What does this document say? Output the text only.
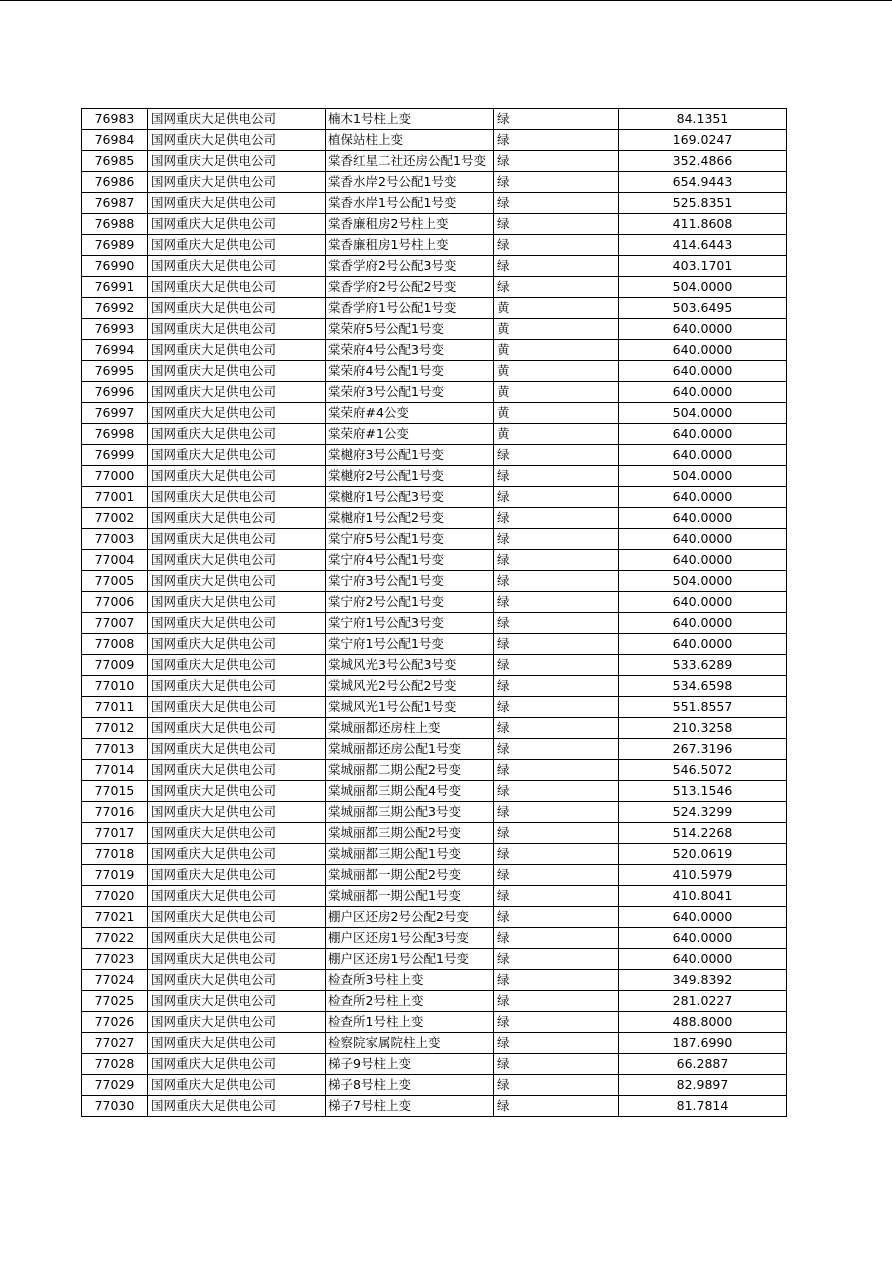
76983	国网重庆大足供电公司	楠木1号柱上变	绿	84.1351
76984	国网重庆大足供电公司	植保站柱上变	绿	169.0247
76985	国网重庆大足供电公司	棠香红星二社还房公配1号变	绿	352.4866
76986	国网重庆大足供电公司	棠香水岸2号公配1号变	绿	654.9443
76987	国网重庆大足供电公司	棠香水岸1号公配1号变	绿	525.8351
76988	国网重庆大足供电公司	棠香廉租房2号柱上变	绿	411.8608
76989	国网重庆大足供电公司	棠香廉租房1号柱上变	绿	414.6443
76990	国网重庆大足供电公司	棠香学府2号公配3号变	绿	403.1701
76991	国网重庆大足供电公司	棠香学府2号公配2号变	绿	504.0000
76992	国网重庆大足供电公司	棠香学府1号公配1号变	黄	503.6495
76993	国网重庆大足供电公司	棠荣府5号公配1号变	黄	640.0000
76994	国网重庆大足供电公司	棠荣府4号公配3号变	黄	640.0000
76995	国网重庆大足供电公司	棠荣府4号公配1号变	黄	640.0000
76996	国网重庆大足供电公司	棠荣府3号公配1号变	黄	640.0000
76997	国网重庆大足供电公司	棠荣府#4公变	黄	504.0000
76998	国网重庆大足供电公司	棠荣府#1公变	黄	640.0000
76999	国网重庆大足供电公司	棠樾府3号公配1号变	绿	640.0000
77000	国网重庆大足供电公司	棠樾府2号公配1号变	绿	504.0000
77001	国网重庆大足供电公司	棠樾府1号公配3号变	绿	640.0000
77002	国网重庆大足供电公司	棠樾府1号公配2号变	绿	640.0000
77003	国网重庆大足供电公司	棠宁府5号公配1号变	绿	640.0000
77004	国网重庆大足供电公司	棠宁府4号公配1号变	绿	640.0000
77005	国网重庆大足供电公司	棠宁府3号公配1号变	绿	504.0000
77006	国网重庆大足供电公司	棠宁府2号公配1号变	绿	640.0000
77007	国网重庆大足供电公司	棠宁府1号公配3号变	绿	640.0000
77008	国网重庆大足供电公司	棠宁府1号公配1号变	绿	640.0000
77009	国网重庆大足供电公司	棠城风光3号公配3号变	绿	533.6289
77010	国网重庆大足供电公司	棠城风光2号公配2号变	绿	534.6598
77011	国网重庆大足供电公司	棠城风光1号公配1号变	绿	551.8557
77012	国网重庆大足供电公司	棠城丽都还房柱上变	绿	210.3258
77013	国网重庆大足供电公司	棠城丽都还房公配1号变	绿	267.3196
77014	国网重庆大足供电公司	棠城丽都二期公配2号变	绿	546.5072
77015	国网重庆大足供电公司	棠城丽都三期公配4号变	绿	513.1546
77016	国网重庆大足供电公司	棠城丽都三期公配3号变	绿	524.3299
77017	国网重庆大足供电公司	棠城丽都三期公配2号变	绿	514.2268
77018	国网重庆大足供电公司	棠城丽都三期公配1号变	绿	520.0619
77019	国网重庆大足供电公司	棠城丽都一期公配2号变	绿	410.5979
77020	国网重庆大足供电公司	棠城丽都一期公配1号变	绿	410.8041
77021	国网重庆大足供电公司	棚户区还房2号公配2号变	绿	640.0000
77022	国网重庆大足供电公司	棚户区还房1号公配3号变	绿	640.0000
77023	国网重庆大足供电公司	棚户区还房1号公配1号变	绿	640.0000
77024	国网重庆大足供电公司	检查所3号柱上变	绿	349.8392
77025	国网重庆大足供电公司	检查所2号柱上变	绿	281.0227
77026	国网重庆大足供电公司	检查所1号柱上变	绿	488.8000
77027	国网重庆大足供电公司	检察院家属院柱上变	绿	187.6990
77028	国网重庆大足供电公司	梯子9号柱上变	绿	66.2887
77029	国网重庆大足供电公司	梯子8号柱上变	绿	82.9897
77030	国网重庆大足供电公司	梯子7号柱上变	绿	81.7814
